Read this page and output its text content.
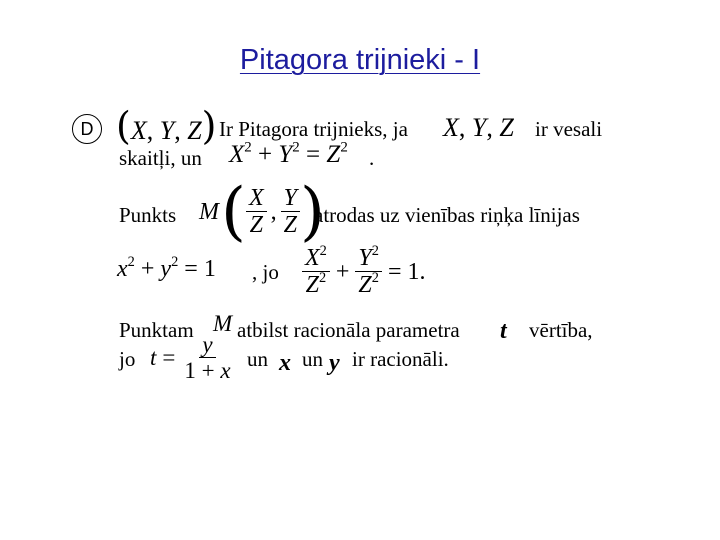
Pitagora trijnieki - I
D (X, Y, Z) Ir Pitagora trijnieks, ja X, Y, Z ir vesali
skaitļi, un $X^2 + Y^2 = Z^2$ .
Punkts M ( $\frac{X}{Z}$ , $\frac{Y}{Z}$ )
atrodas uz vienības riņķa līnijas
$x^2 + y^2 = 1$ , jo $\frac{X^2}{Z^2} + \frac{Y^2}{Z^2} = 1$ .
Punktam M atbilst racionāla parametra t vērtība,
jo $t = \frac{y}{1 + x}$ un x un y ir racionāli.
